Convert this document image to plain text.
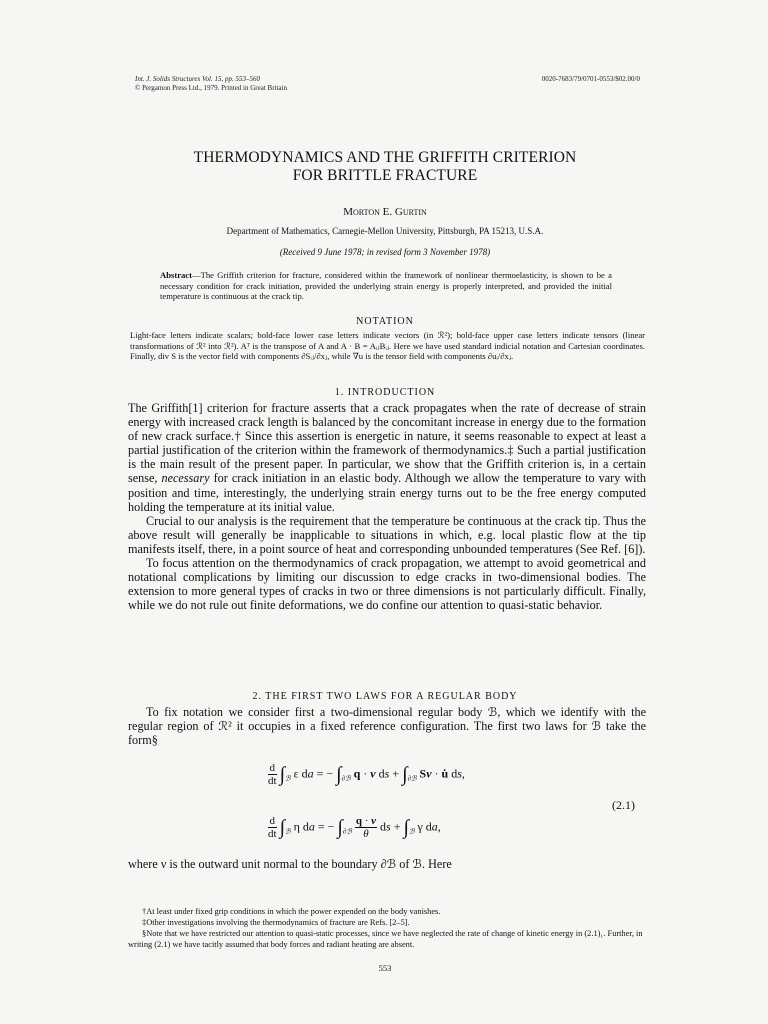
Int. J. Solids Structures Vol. 15, pp. 553–560
© Pergamon Press Ltd., 1979. Printed in Great Britain
0020-7683/79/0701-0553/$02.00/0
THERMODYNAMICS AND THE GRIFFITH CRITERION
FOR BRITTLE FRACTURE
Morton E. Gurtin
Department of Mathematics, Carnegie-Mellon University, Pittsburgh, PA 15213, U.S.A.
(Received 9 June 1978; in revised form 3 November 1978)
Abstract—The Griffith criterion for fracture, considered within the framework of nonlinear thermoelasticity, is shown to be a necessary condition for crack initiation, provided the underlying strain energy is properly interpreted, and provided the initial temperature is continuous at the crack tip.
NOTATION
Light-face letters indicate scalars; bold-face lower case letters indicate vectors (in ℛ²); bold-face upper case letters indicate tensors (linear transformations of ℛ² into ℛ²). Aᵀ is the transpose of A and A · B = AᵢⱼBᵢⱼ. Here we have used standard indicial notation and Cartesian coordinates. Finally, div S is the vector field with components ∂Sᵢⱼ/∂xⱼ, while ∇u is the tensor field with components ∂uᵢ/∂xⱼ.
1. INTRODUCTION

The Griffith[1] criterion for fracture asserts that a crack propagates when the rate of decrease of strain energy with increased crack length is balanced by the concomitant increase in energy due to the formation of new crack surface.† Since this assertion is energetic in nature, it seems reasonable to expect at least a partial justification of the criterion within the framework of thermodynamics.‡ Such a partial justification is the main result of the present paper. In particular, we show that the Griffith criterion is, in a certain sense, necessary for crack initiation in an elastic body. Although we allow the temperature to vary with position and time, interestingly, the underlying strain energy turns out to be the free energy computed holding the temperature at its initial value.

Crucial to our analysis is the requirement that the temperature be continuous at the crack tip. Thus the above result will generally be inapplicable to situations in which, e.g. local plastic flow at the tip manifests itself, there, in a point source of heat and corresponding unbounded temperatures (See Ref. [6]).

To focus attention on the thermodynamics of crack propagation, we attempt to avoid geometrical and notational complications by limiting our discussion to edge cracks in two-dimensional bodies. The extension to more general types of cracks in two or three dimensions is not particularly difficult. Finally, while we do not rule out finite deformations, we do confine our attention to quasi-static behavior.

2. THE FIRST TWO LAWS FOR A REGULAR BODY

To fix notation we consider first a two-dimensional regular body ℬ, which we identify with the regular region of ℛ² it occupies in a fixed reference configuration. The first two laws for ℬ take the form§

$\frac{d}{dt} \int_ℬ$ ε da = − $\int_{\partial ℬ}$ q · ν ds + $\int_{\partial ℬ}$ Sν · u̇ ds,
(2.1)
$\frac{d}{dt} \int_ℬ$ η da = − $\int_{\partial ℬ} \frac{q \cdot \nu}{\theta}$ ds + $\int_ℬ$ γ da,
where ν is the outward unit normal to the boundary ∂ℬ of ℬ. Here

†At least under fixed grip conditions in which the power expended on the body vanishes.

‡Other investigations involving the thermodynamics of fracture are Refs. [2–5].

§Note that we have restricted our attention to quasi-static processes, since we have neglected the rate of change of kinetic energy in (2.1)₁. Further, in writing (2.1) we have tacitly assumed that body forces and radiant heating are absent.

553
